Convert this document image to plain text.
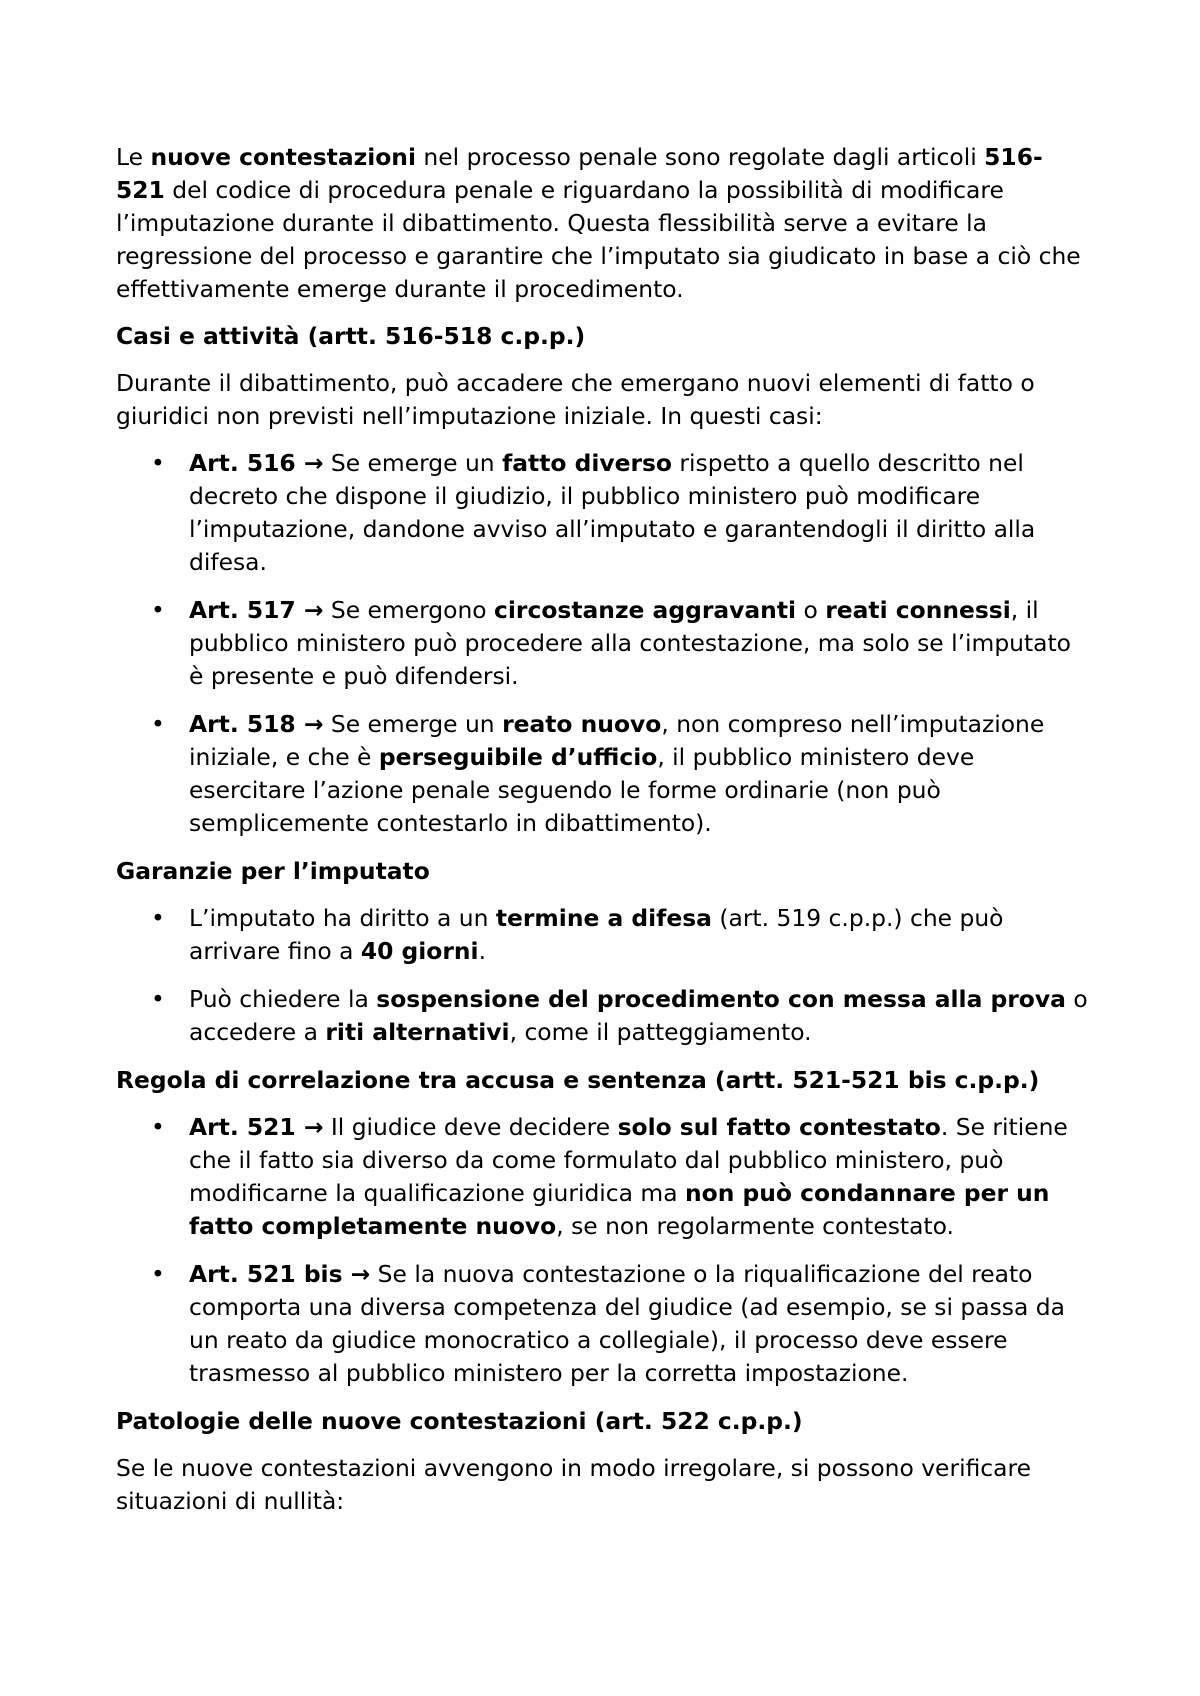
Le nuove contestazioni nel processo penale sono regolate dagli articoli 516-521 del codice di procedura penale e riguardano la possibilità di modificare l’imputazione durante il dibattimento. Questa flessibilità serve a evitare la regressione del processo e garantire che l’imputato sia giudicato in base a ciò che effettivamente emerge durante il procedimento.

Casi e attività (artt. 516-518 c.p.p.)

Durante il dibattimento, può accadere che emergano nuovi elementi di fatto o giuridici non previsti nell’imputazione iniziale. In questi casi:

• Art. 516 → Se emerge un fatto diverso rispetto a quello descritto nel decreto che dispone il giudizio, il pubblico ministero può modificare l’imputazione, dandone avviso all’imputato e garantendogli il diritto alla difesa.
• Art. 517 → Se emergono circostanze aggravanti o reati connessi, il pubblico ministero può procedere alla contestazione, ma solo se l’imputato è presente e può difendersi.
• Art. 518 → Se emerge un reato nuovo, non compreso nell’imputazione iniziale, e che è perseguibile d’ufficio, il pubblico ministero deve esercitare l’azione penale seguendo le forme ordinarie (non può semplicemente contestarlo in dibattimento).
Garanzie per l’imputato
• L’imputato ha diritto a un termine a difesa (art. 519 c.p.p.) che può arrivare fino a 40 giorni.
• Può chiedere la sospensione del procedimento con messa alla prova o accedere a riti alternativi, come il patteggiamento.
Regola di correlazione tra accusa e sentenza (artt. 521-521 bis c.p.p.)
• Art. 521 → Il giudice deve decidere solo sul fatto contestato. Se ritiene che il fatto sia diverso da come formulato dal pubblico ministero, può modificarne la qualificazione giuridica ma non può condannare per un fatto completamente nuovo, se non regolarmente contestato.
• Art. 521 bis → Se la nuova contestazione o la riqualificazione del reato comporta una diversa competenza del giudice (ad esempio, se si passa da un reato da giudice monocratico a collegiale), il processo deve essere trasmesso al pubblico ministero per la corretta impostazione.
Patologie delle nuove contestazioni (art. 522 c.p.p.)

Se le nuove contestazioni avvengono in modo irregolare, si possono verificare situazioni di nullità:
